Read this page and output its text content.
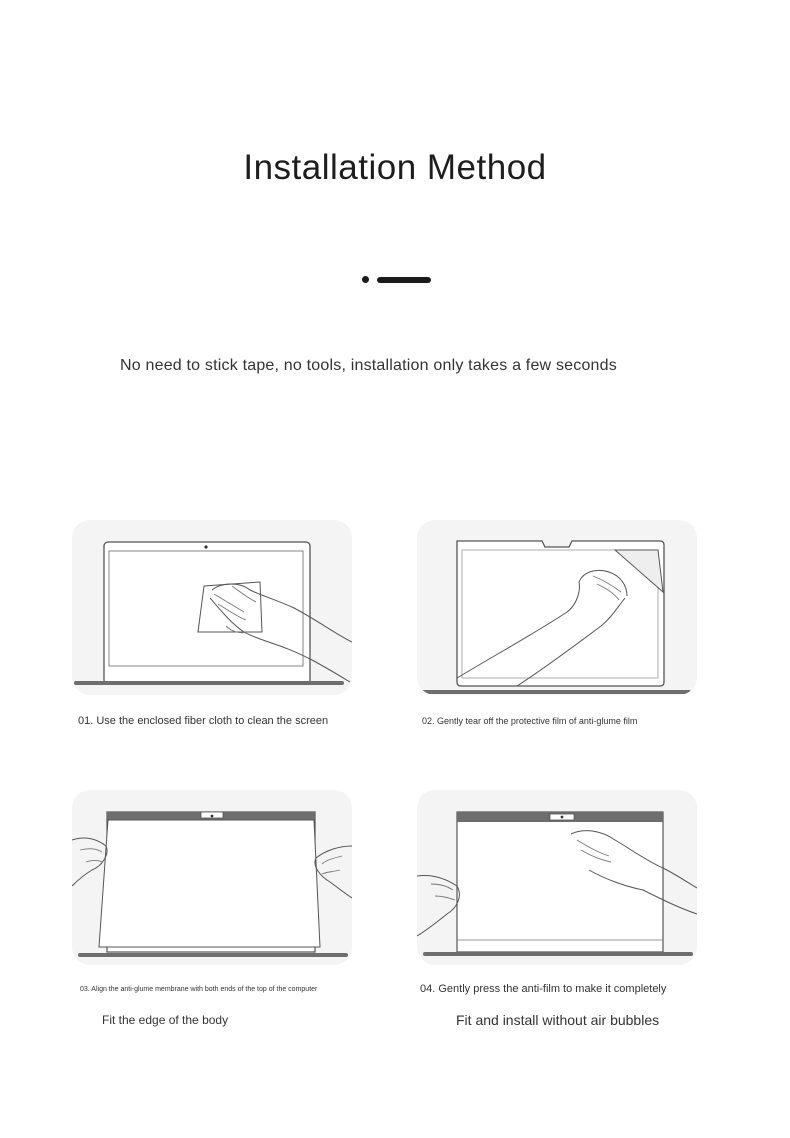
Installation Method
No need to stick tape, no tools, installation only takes a few seconds
01. Use the enclosed fiber cloth to clean the screen	02. Gently tear off the protective film of anti-glume film
03. Align the anti-glume membrane with both ends of the top of the computer
Fit the edge of the body
04. Gently press the anti-film to make it completely
Fit and install without air bubbles
